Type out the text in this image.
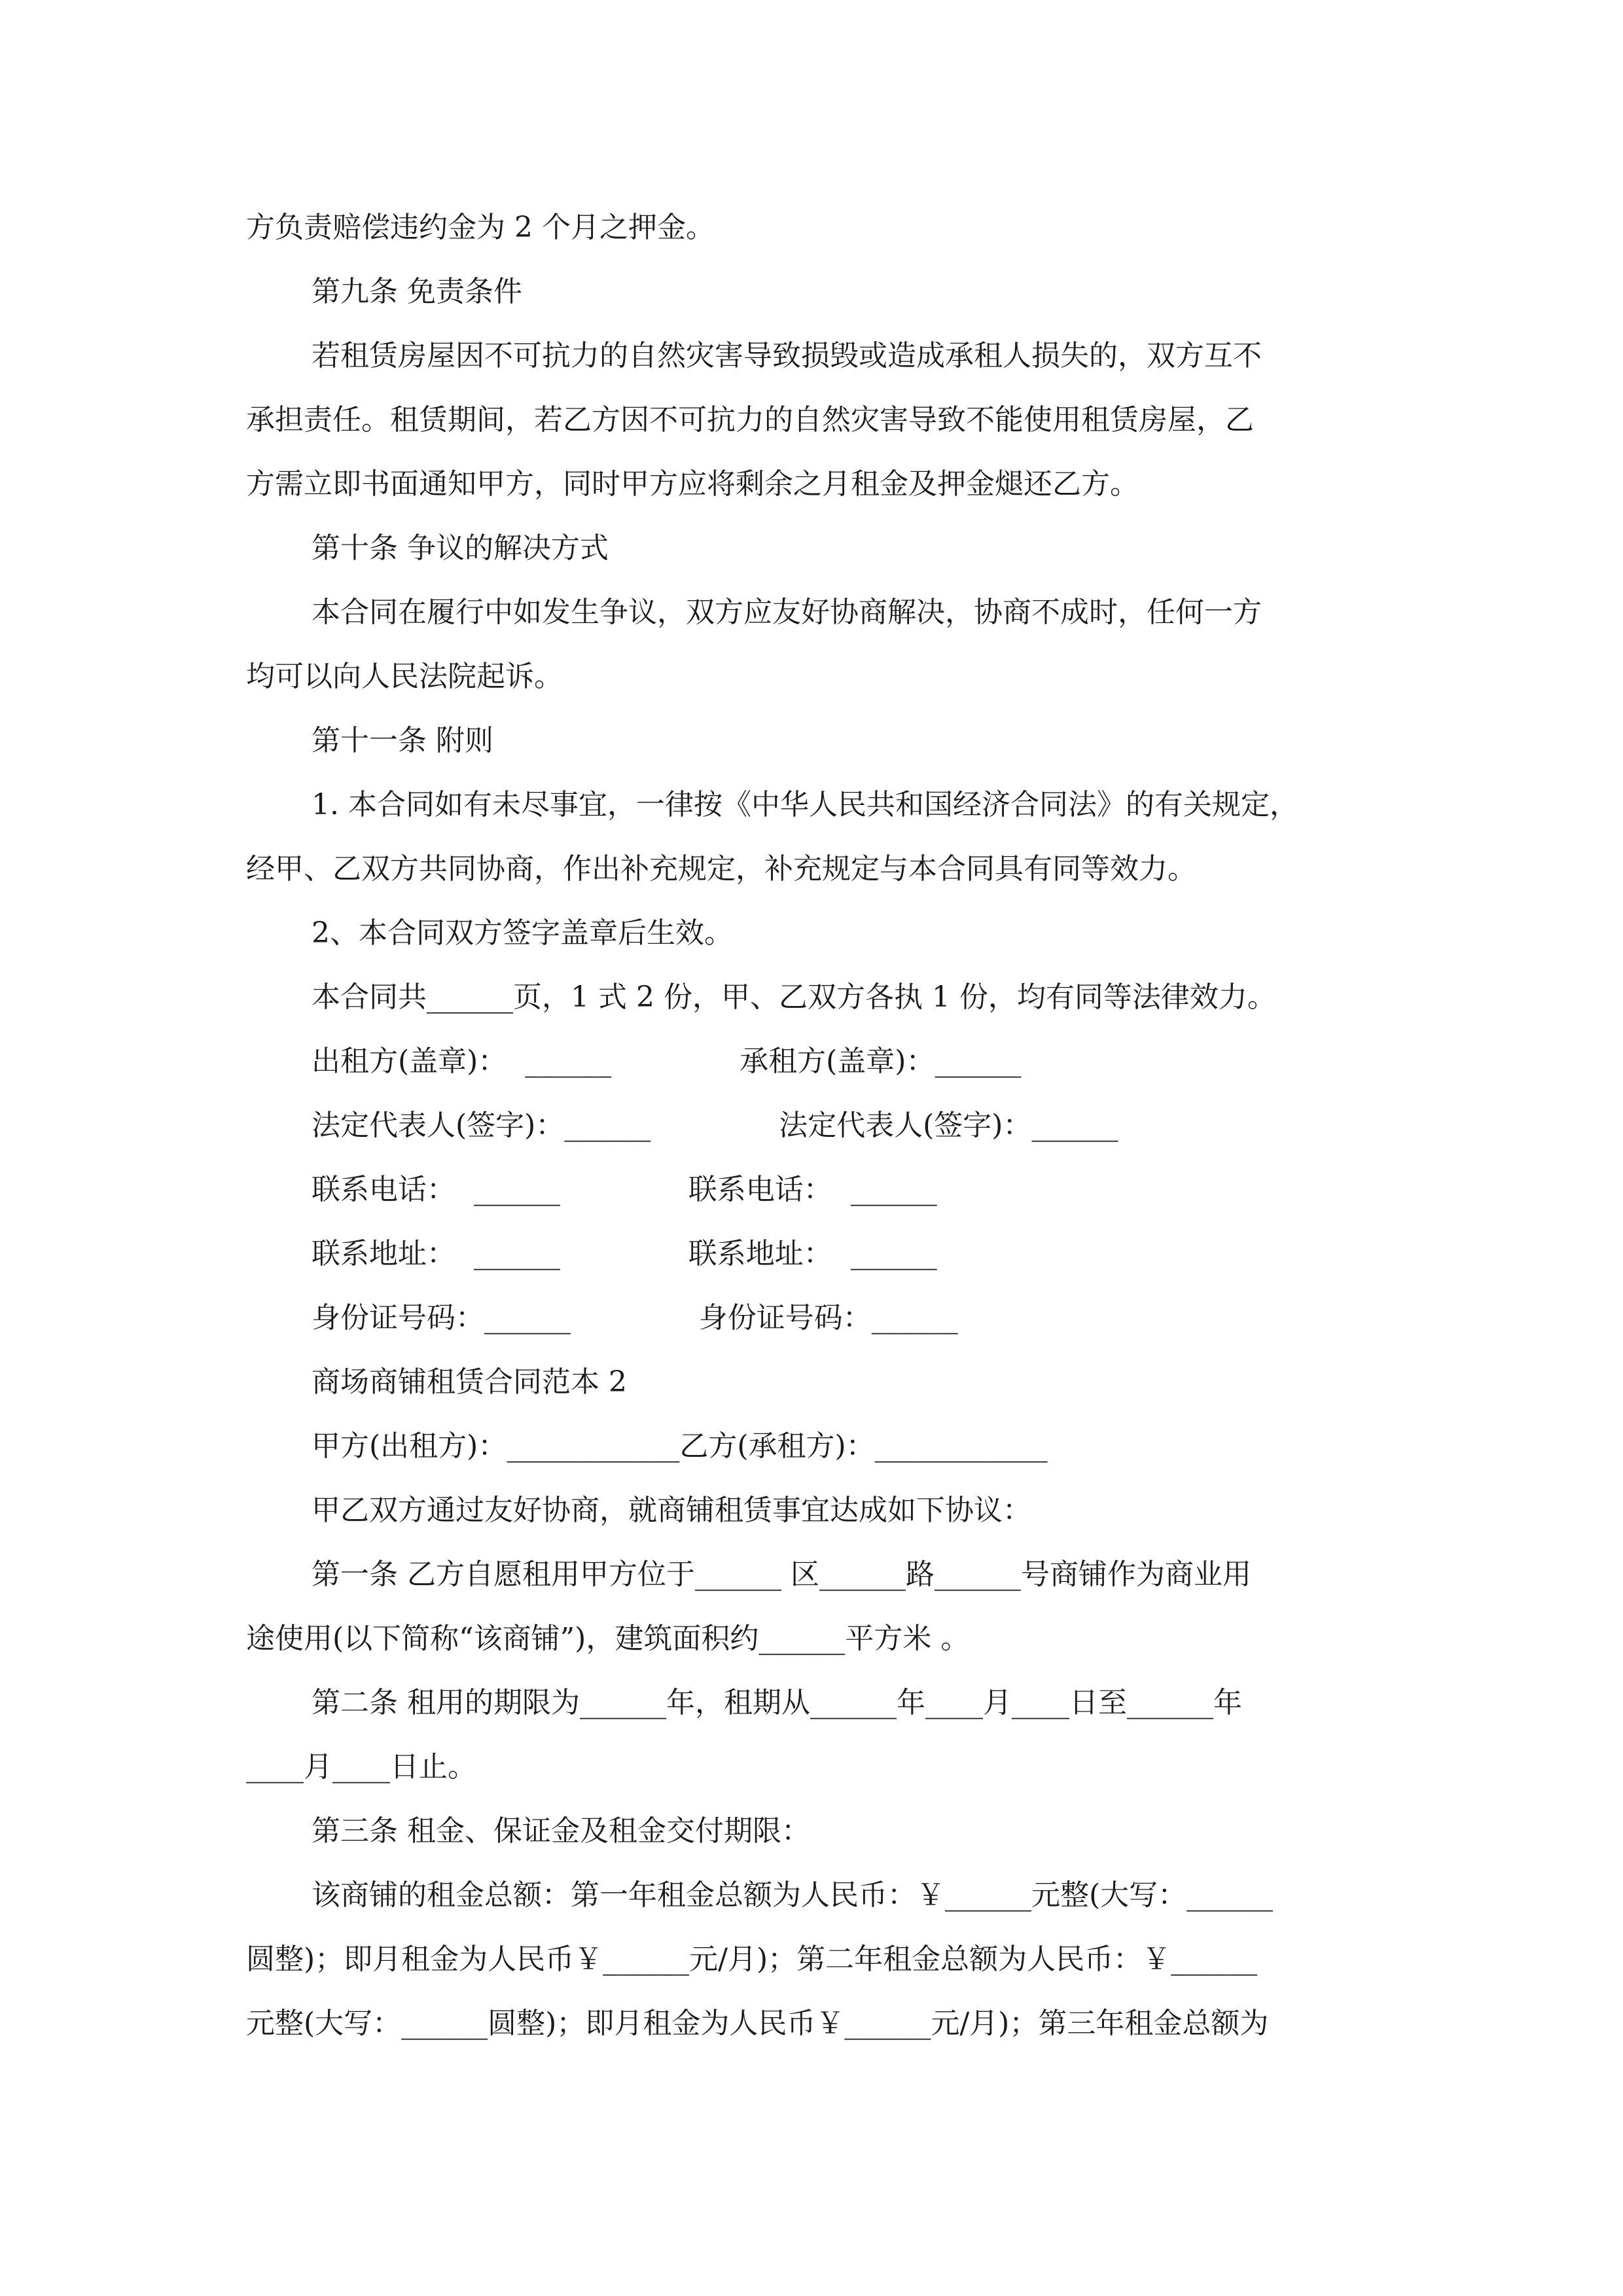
方负责赔偿违约金为 2 个月之押金。

第九条 免责条件

若租赁房屋因不可抗力的自然灾害导致损毁或造成承租人损失的，双方互不

承担责任。租赁期间，若乙方因不可抗力的自然灾害导致不能使用租赁房屋，乙

方需立即书面通知甲方，同时甲方应将剩余之月租金及押金煺还乙方。

第十条 争议的解决方式

本合同在履行中如发生争议，双方应友好协商解决，协商不成时，任何一方

均可以向人民法院起诉。

第十一条 附则

1. 本合同如有未尽事宜，一律按《中华人民共和国经济合同法》的有关规定，

经甲、乙双方共同协商，作出补充规定，补充规定与本合同具有同等效力。

2、本合同双方签字盖章后生效。

本合同共______页，1 式 2 份，甲、乙双方各执 1 份，均有同等法律效力。

出租方(盖章)：  ______              承租方(盖章)：______

法定代表人(签字)：______              法定代表人(签字)：______

联系电话：  ______              联系电话：  ______

联系地址：  ______              联系地址：  ______

身份证号码：______              身份证号码：______

商场商铺租赁合同范本 2

甲方(出租方)：____________乙方(承租方)：____________

甲乙双方通过友好协商，就商铺租赁事宜达成如下协议：

第一条 乙方自愿租用甲方位于______ 区______路______号商铺作为商业用

途使用(以下简称“该商铺”)，建筑面积约______平方米 。

第二条 租用的期限为______年，租期从______年____月____日至______年

____月____日止。

第三条 租金、保证金及租金交付期限：

该商铺的租金总额：第一年租金总额为人民币：￥______元整(大写：______

圆整)；即月租金为人民币￥______元/月)；第二年租金总额为人民币：￥______

元整(大写：______圆整)；即月租金为人民币￥______元/月)；第三年租金总额为
